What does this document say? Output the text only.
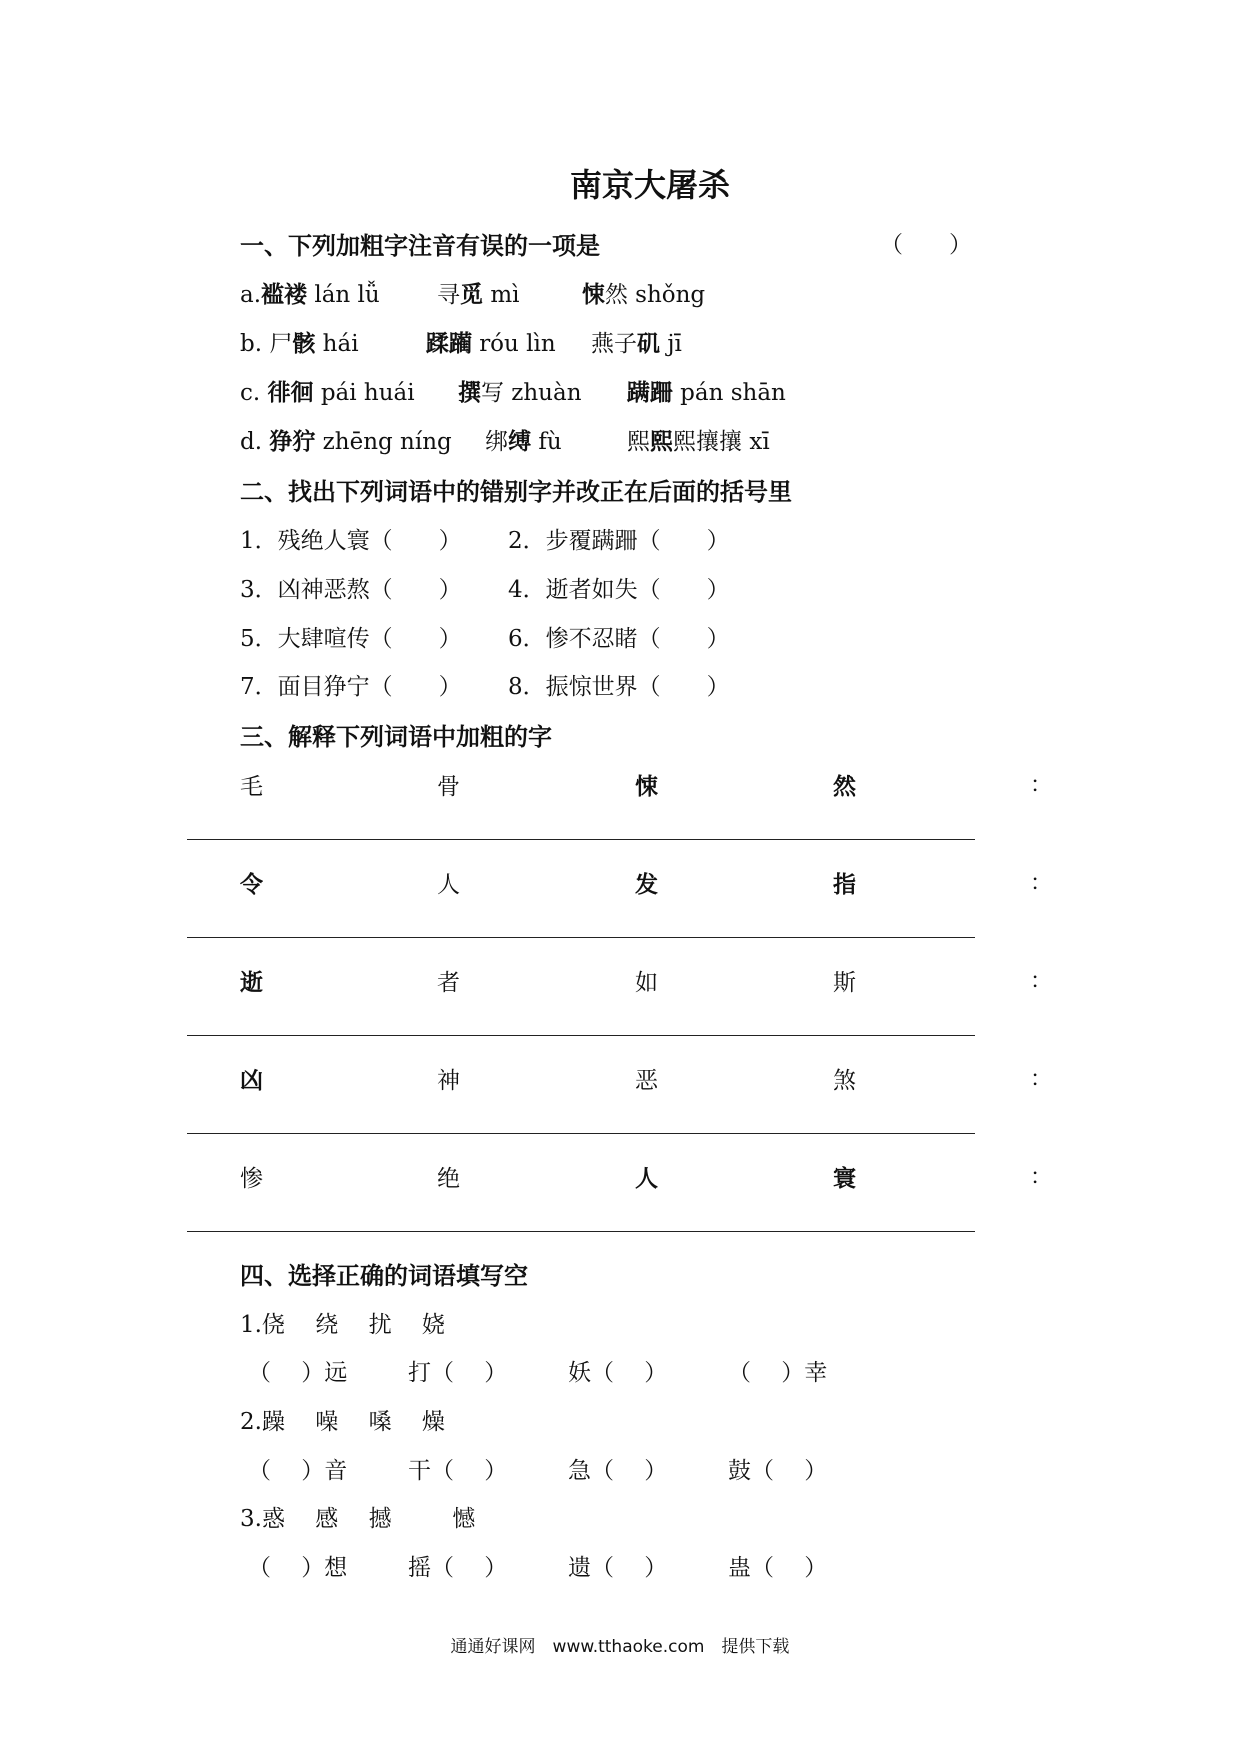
南京大屠杀
一、下列加粗字注音有误的一项是	（　　）
a.褴褛 lán lǚ 寻觅 mì	悚然 shǒng
b. 尸骸 hái	蹂躏 róu lìn 燕子矶 jī
c. 徘徊 pái huái 撰写 zhuàn 蹒跚 pán shān
d. 狰狞 zhēng níng 绑缚 fù	熙熙熙攘攘 xī
二、找出下列词语中的错别字并改正在后面的括号里
1．残绝人寰（　　） 2．步覆蹒跚（　　）
3．凶神恶熬（　　） 4．逝者如失（　　）
5．大肆喧传（　　） 6．惨不忍睹（　　）
7．面目狰宁（　　） 8．振惊世界（　　）
三、解释下列词语中加粗的字
毛	骨	悚	然	：
令	人	发	指	：
逝	者	如	斯	：
凶	神	恶	煞	：
惨	绝	人	寰	：
四、选择正确的词语填写空
1.侥　 绕　 扰　 娆
（　 ）远	打（　 ）	妖（　 ）	（　 ）幸
2.躁　 噪　 嗓　 燥
（　 ）音	干（　 ）	急（　 ）	鼓（　 ）
3.惑　 感　 撼　 　 憾
（　 ）想	摇（　 ）	遗（　 ）	蛊（　 ）
通通好课网　www.tthaoke.com　提供下载
